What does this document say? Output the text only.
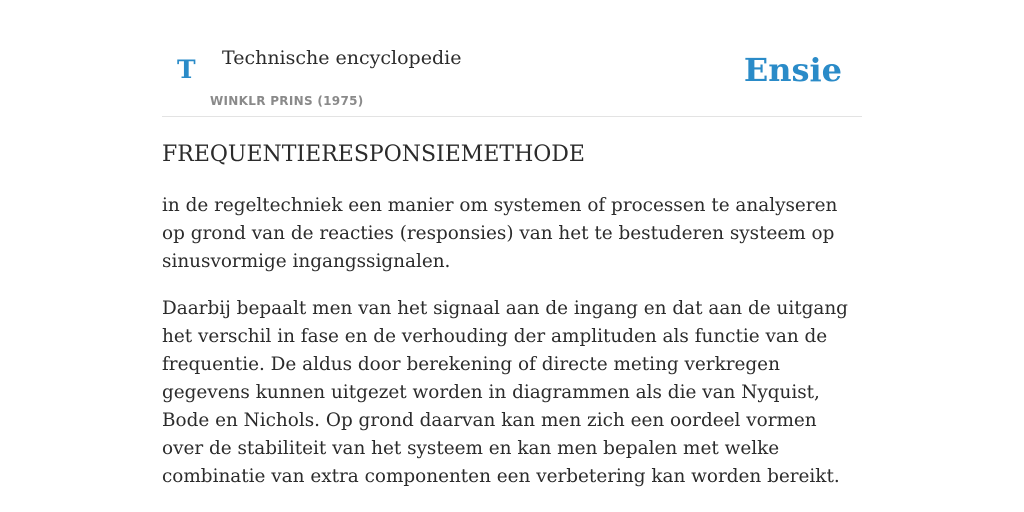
T Technische encyclopedie
WINKLR PRINS (1975)
Ensie
FREQUENTIERESPONSIEMETHODE

in de regeltechniek een manier om systemen of processen te analyseren op grond van de reacties (responsies) van het te bestuderen systeem op sinusvormige ingangssignalen.

Daarbij bepaalt men van het signaal aan de ingang en dat aan de uitgang het verschil in fase en de verhouding der amplituden als functie van de frequentie. De aldus door berekening of directe meting verkregen gegevens kunnen uitgezet worden in diagrammen als die van Nyquist, Bode en Nichols. Op grond daarvan kan men zich een oordeel vormen over de stabiliteit van het systeem en kan men bepalen met welke combinatie van extra componenten een verbetering kan worden bereikt.
